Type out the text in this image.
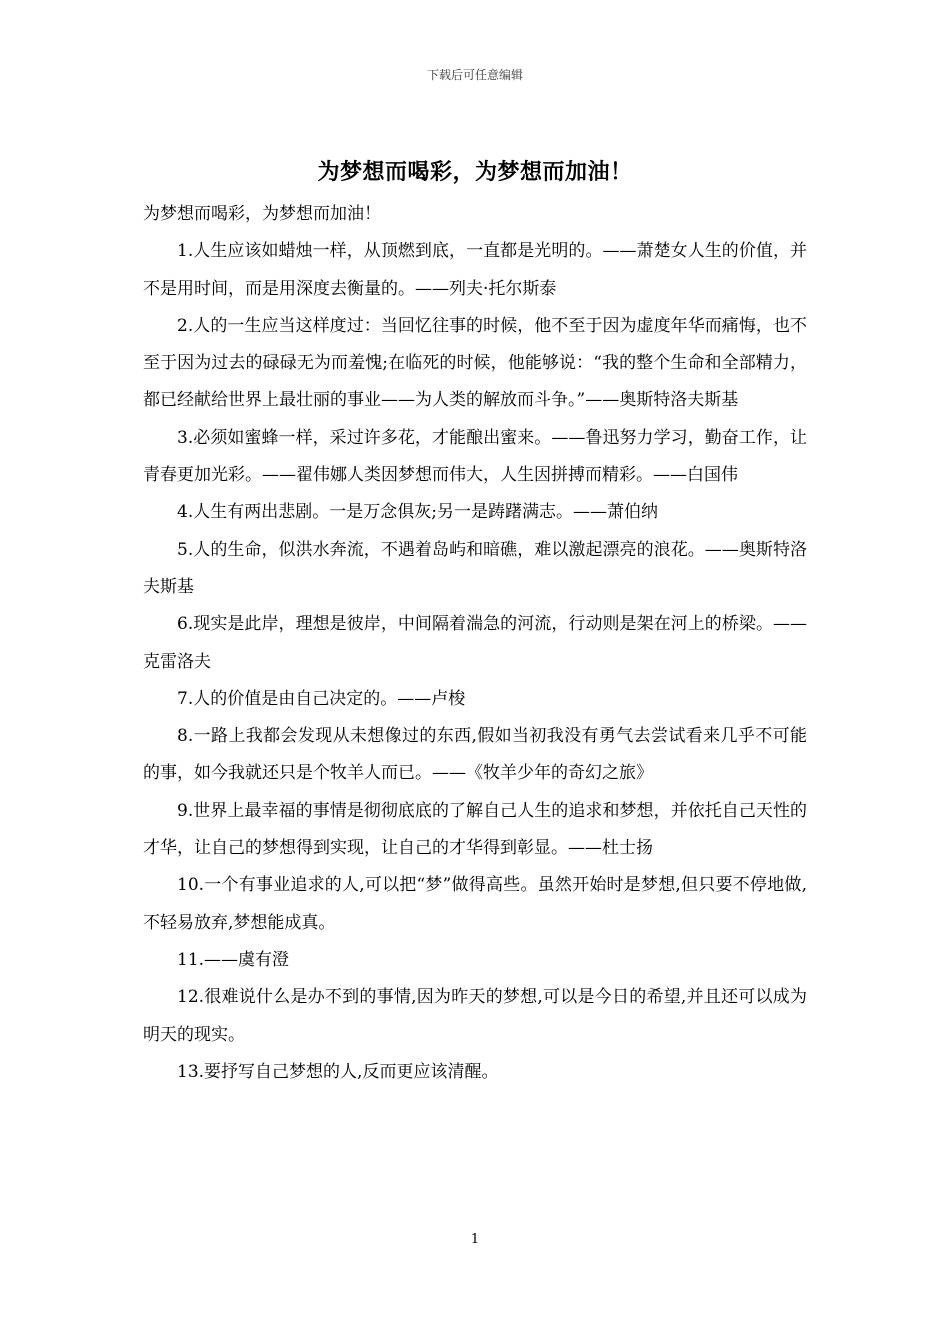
下载后可任意编辑
为梦想而喝彩，为梦想而加油！

为梦想而喝彩，为梦想而加油！

1.人生应该如蜡烛一样，从顶燃到底，一直都是光明的。——萧楚女人生的价值，并不是用时间，而是用深度去衡量的。——列夫·托尔斯泰

2.人的一生应当这样度过：当回忆往事的时候，他不至于因为虚度年华而痛悔，也不至于因为过去的碌碌无为而羞愧;在临死的时候，他能够说：“我的整个生命和全部精力，都已经献给世界上最壮丽的事业——为人类的解放而斗争。”——奥斯特洛夫斯基

3.必须如蜜蜂一样，采过许多花，才能酿出蜜来。——鲁迅努力学习，勤奋工作，让青春更加光彩。——翟伟娜人类因梦想而伟大，人生因拼搏而精彩。——白国伟

4.人生有两出悲剧。一是万念俱灰;另一是踌躇满志。——萧伯纳

5.人的生命，似洪水奔流，不遇着岛屿和暗礁，难以激起漂亮的浪花。——奥斯特洛夫斯基

6.现实是此岸，理想是彼岸，中间隔着湍急的河流，行动则是架在河上的桥梁。——克雷洛夫

7.人的价值是由自己决定的。——卢梭

8.一路上我都会发现从未想像过的东西,假如当初我没有勇气去尝试看来几乎不可能的事，如今我就还只是个牧羊人而已。——《牧羊少年的奇幻之旅》

9.世界上最幸福的事情是彻彻底底的了解自己人生的追求和梦想，并依托自己天性的才华，让自己的梦想得到实现，让自己的才华得到彰显。——杜士扬

10.一个有事业追求的人,可以把“梦”做得高些。虽然开始时是梦想,但只要不停地做,不轻易放弃,梦想能成真。

11.——虞有澄

12.很难说什么是办不到的事情,因为昨天的梦想,可以是今日的希望,并且还可以成为明天的现实。

13.要抒写自己梦想的人,反而更应该清醒。

1
